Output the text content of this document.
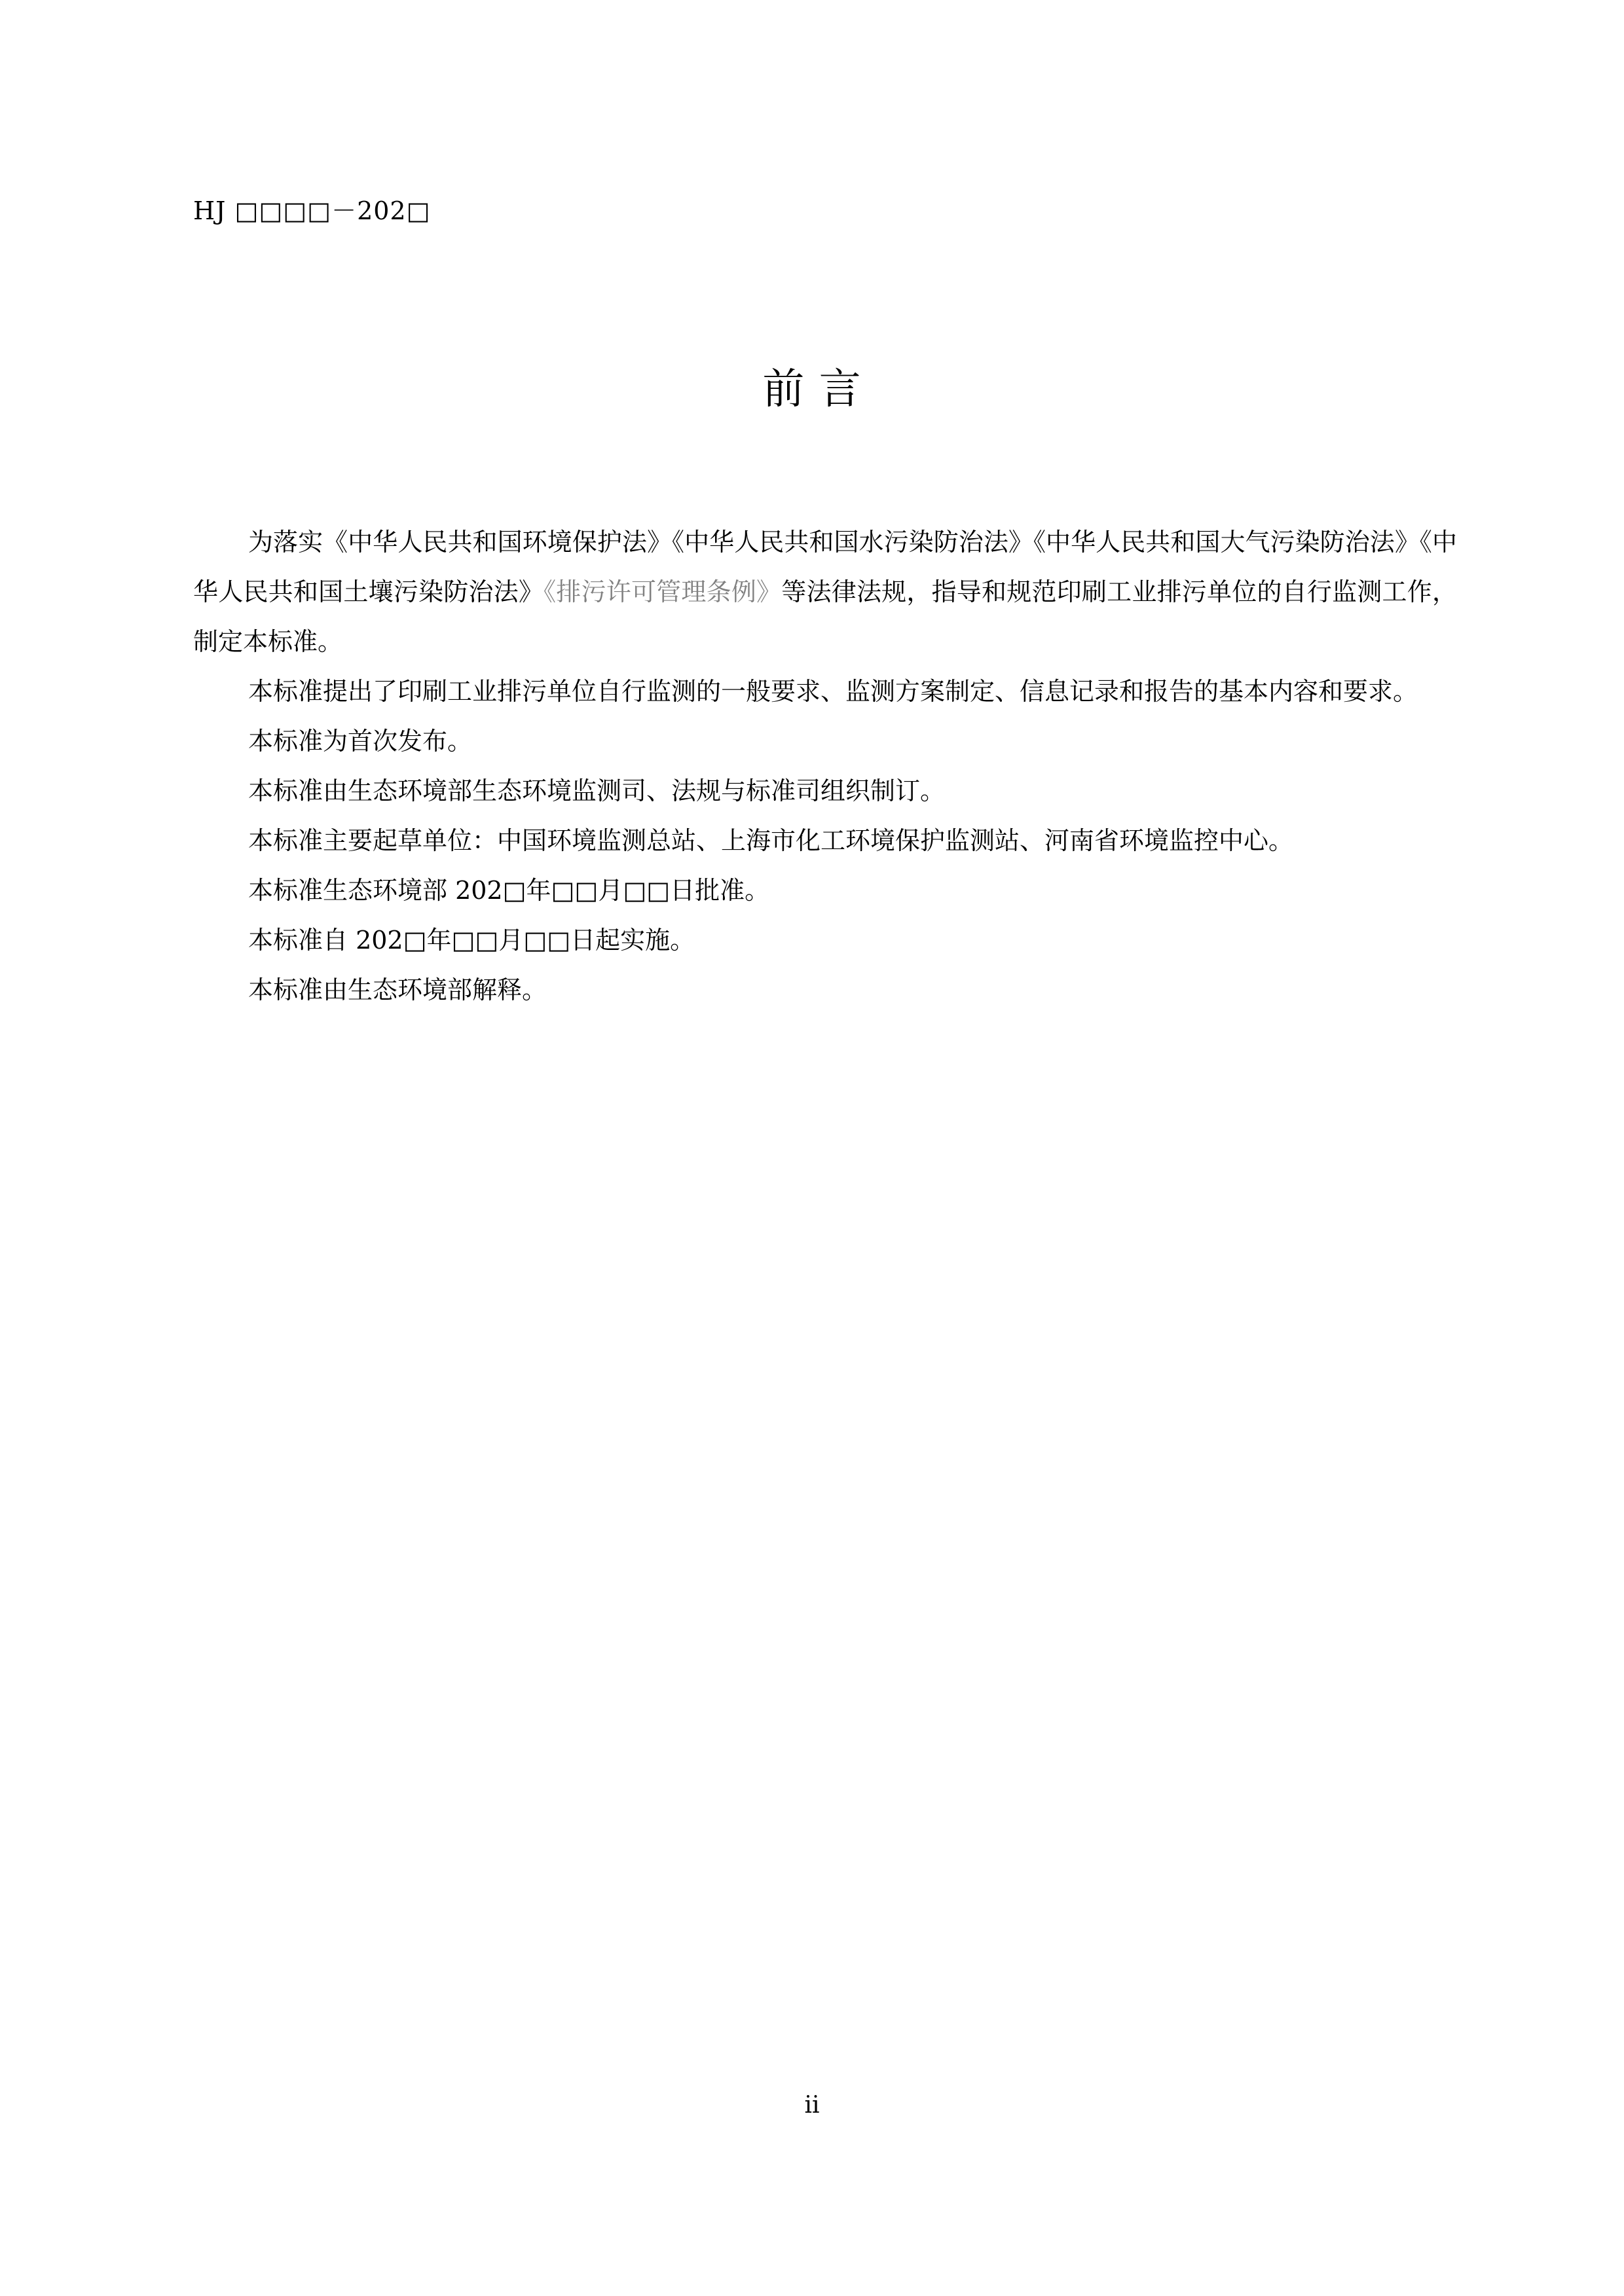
HJ □□□□－202□
前 言

为落实《中华人民共和国环境保护法》《中华人民共和国水污染防治法》《中华人民共和国大气污染防治法》《中华人民共和国土壤污染防治法》《排污许可管理条例》等法律法规，指导和规范印刷工业排污单位的自行监测工作，制定本标准。

本标准提出了印刷工业排污单位自行监测的一般要求、监测方案制定、信息记录和报告的基本内容和要求。

本标准为首次发布。

本标准由生态环境部生态环境监测司、法规与标准司组织制订。

本标准主要起草单位：中国环境监测总站、上海市化工环境保护监测站、河南省环境监控中心。

本标准生态环境部 202□年□□月□□日批准。

本标准自 202□年□□月□□日起实施。

本标准由生态环境部解释。

ii
